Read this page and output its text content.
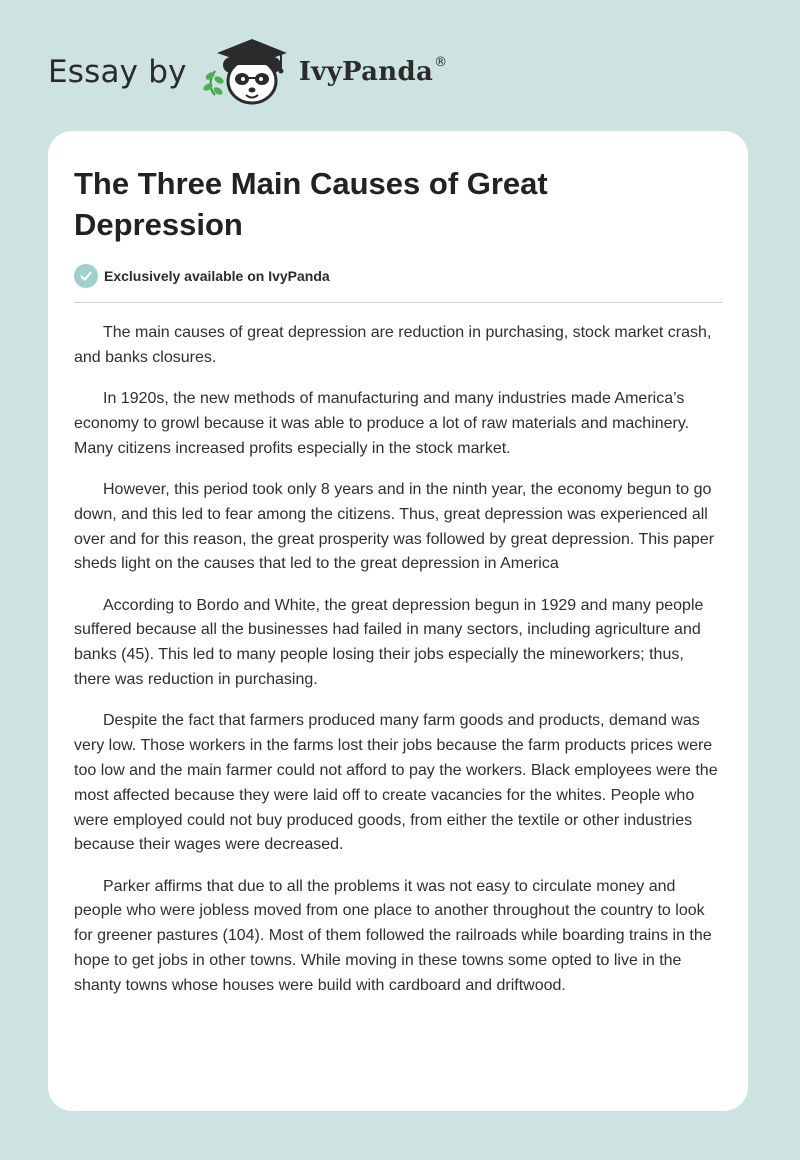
Essay by	IvyPanda ®
The Three Main Causes of Great Depression
Exclusively available on IvyPanda

The main causes of great depression are reduction in purchasing, stock market crash, and banks closures.

In 1920s, the new methods of manufacturing and many industries made America’s economy to growl because it was able to produce a lot of raw materials and machinery. Many citizens increased profits especially in the stock market.

However, this period took only 8 years and in the ninth year, the economy begun to go down, and this led to fear among the citizens. Thus, great depression was experienced all over and for this reason, the great prosperity was followed by great depression. This paper sheds light on the causes that led to the great depression in America

According to Bordo and White, the great depression begun in 1929 and many people suffered because all the businesses had failed in many sectors, including agriculture and banks (45). This led to many people losing their jobs especially the mineworkers; thus, there was reduction in purchasing.

Despite the fact that farmers produced many farm goods and products, demand was very low. Those workers in the farms lost their jobs because the farm products prices were too low and the main farmer could not afford to pay the workers. Black employees were the most affected because they were laid off to create vacancies for the whites. People who were employed could not buy produced goods, from either the textile or other industries because their wages were decreased.

Parker affirms that due to all the problems it was not easy to circulate money and people who were jobless moved from one place to another throughout the country to look for greener pastures (104). Most of them followed the railroads while boarding trains in the hope to get jobs in other towns. While moving in these towns some opted to live in the shanty towns whose houses were build with cardboard and driftwood.
